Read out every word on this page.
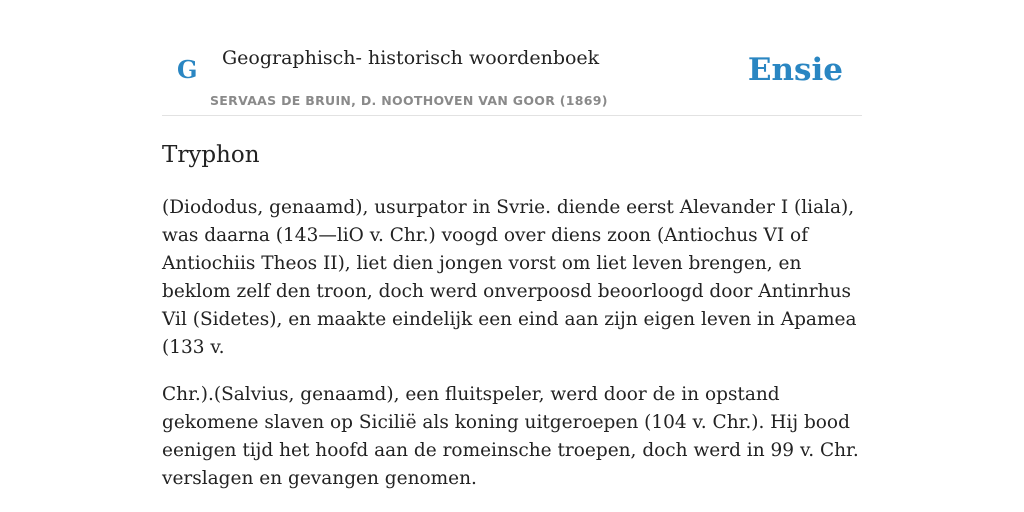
G Geographisch- historisch woordenboek
SERVAAS DE BRUIN, D. NOOTHOVEN VAN GOOR (1869)
Ensie
Tryphon

(Diododus, genaamd), usurpator in Svrie. diende eerst Alevander I (liala), was daarna (143—liO v. Chr.) voogd over diens zoon (Antiochus VI of Antiochiis Theos II), liet dien jongen vorst om liet leven brengen, en beklom zelf den troon, doch werd onverpoosd beoorloogd door Antinrhus Vil (Sidetes), en maakte eindelijk een eind aan zijn eigen leven in Apamea (133 v.

Chr.).(Salvius, genaamd), een fluitspeler, werd door de in opstand gekomene slaven op Sicilië als koning uitgeroepen (104 v. Chr.). Hij bood eenigen tijd het hoofd aan de romeinsche troepen, doch werd in 99 v. Chr. verslagen en gevangen genomen.
